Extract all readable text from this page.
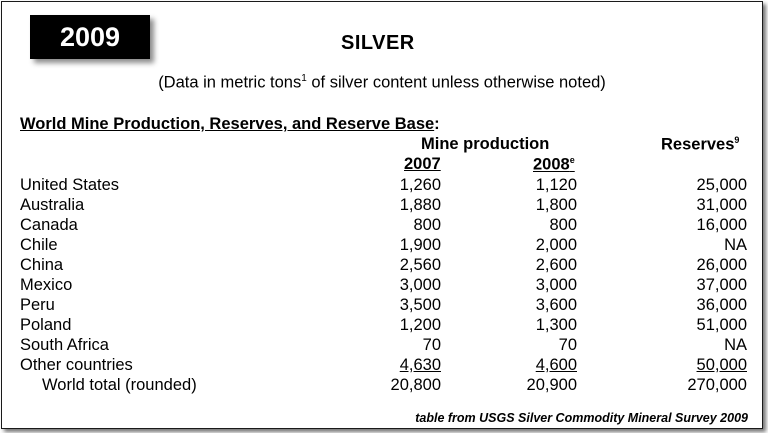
2009	SILVER
(Data in metric tons$^1$ of silver content unless otherwise noted)
World Mine Production, Reserves, and Reserve Base:
Mine production	Reserves$^9$
2007	2008e
United States	1,260	1,120	25,000
Australia	1,880	1,800	31,000
Canada	800	800	16,000
Chile	1,900	2,000	NA
China	2,560	2,600	26,000
Mexico	3,000	3,000	37,000
Peru	3,500	3,600	36,000
Poland	1,200	1,300	51,000
South Africa	70	70	NA
Other countries	4,630	4,600	50,000
World total (rounded)	20,800	20,900	270,000
table from USGS Silver Commodity Mineral Survey 2009
